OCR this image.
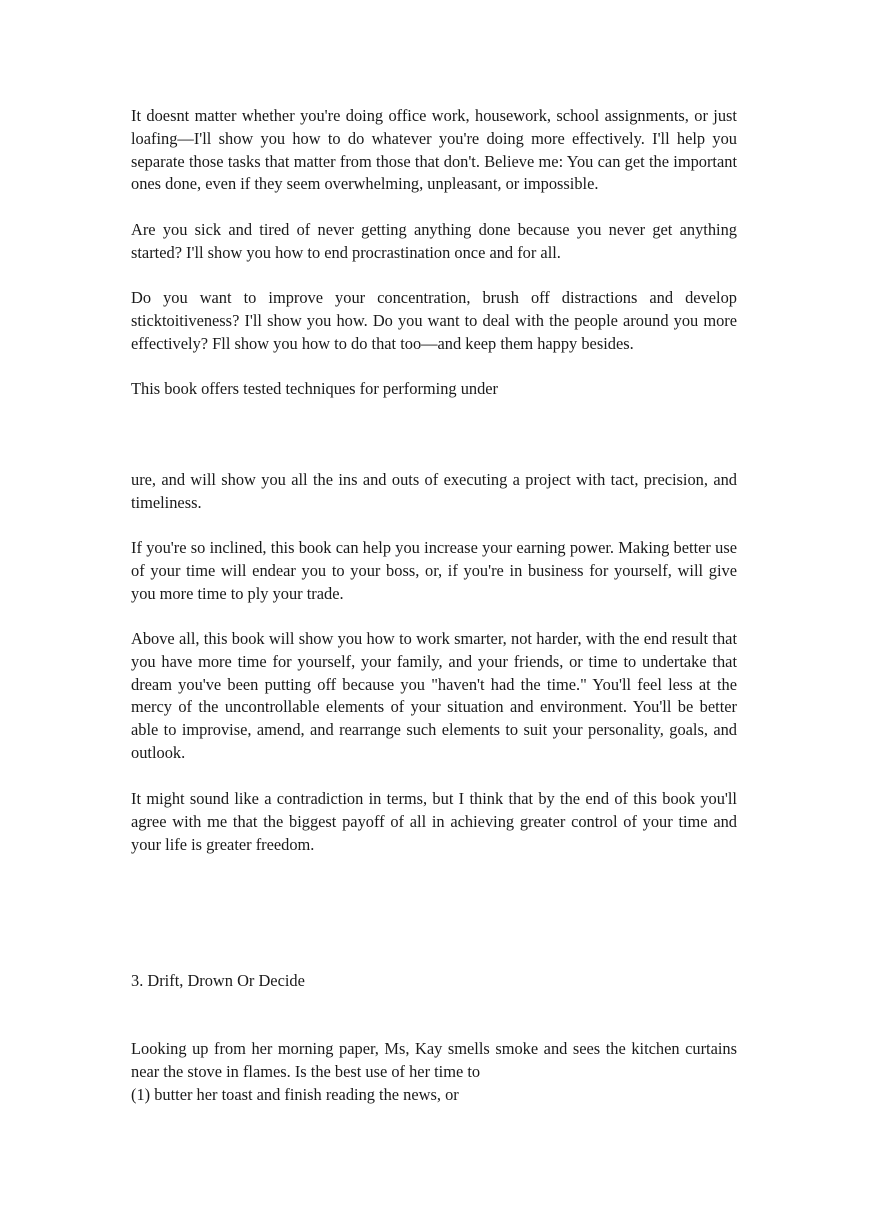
It doesnt matter whether you're doing office work, housework, school assignments, or just loafing—I'll show you how to do whatever you're doing more effectively. I'll help you separate those tasks that matter from those that don't. Believe me: You can get the important ones done, even if they seem overwhelming, unpleasant, or impossible.

Are you sick and tired of never getting anything done because you never get anything started? I'll show you how to end procrastination once and for all.

Do you want to improve your concentration, brush off distractions and develop sticktoitiveness? I'll show you how. Do you want to deal with the people around you more effectively? Fll show you how to do that too—and keep them happy besides.

This book offers tested techniques for performing under

ure, and will show you all the ins and outs of executing a project with tact, precision, and timeliness.

If you're so inclined, this book can help you increase your earning power. Making better use of your time will endear you to your boss, or, if you're in business for yourself, will give you more time to ply your trade.

Above all, this book will show you how to work smarter, not harder, with the end result that you have more time for yourself, your family, and your friends, or time to undertake that dream you've been putting off because you "haven't had the time." You'll feel less at the mercy of the uncontrollable elements of your situation and environment. You'll be better able to improvise, amend, and rearrange such elements to suit your personality, goals, and outlook.

It might sound like a contradiction in terms, but I think that by the end of this book you'll agree with me that the biggest payoff of all in achieving greater control of your time and your life is greater freedom.

3. Drift, Drown Or Decide

Looking up from her morning paper, Ms, Kay smells smoke and sees the kitchen curtains near the stove in flames. Is the best use of her time to

(1) butter her toast and finish reading the news, or
